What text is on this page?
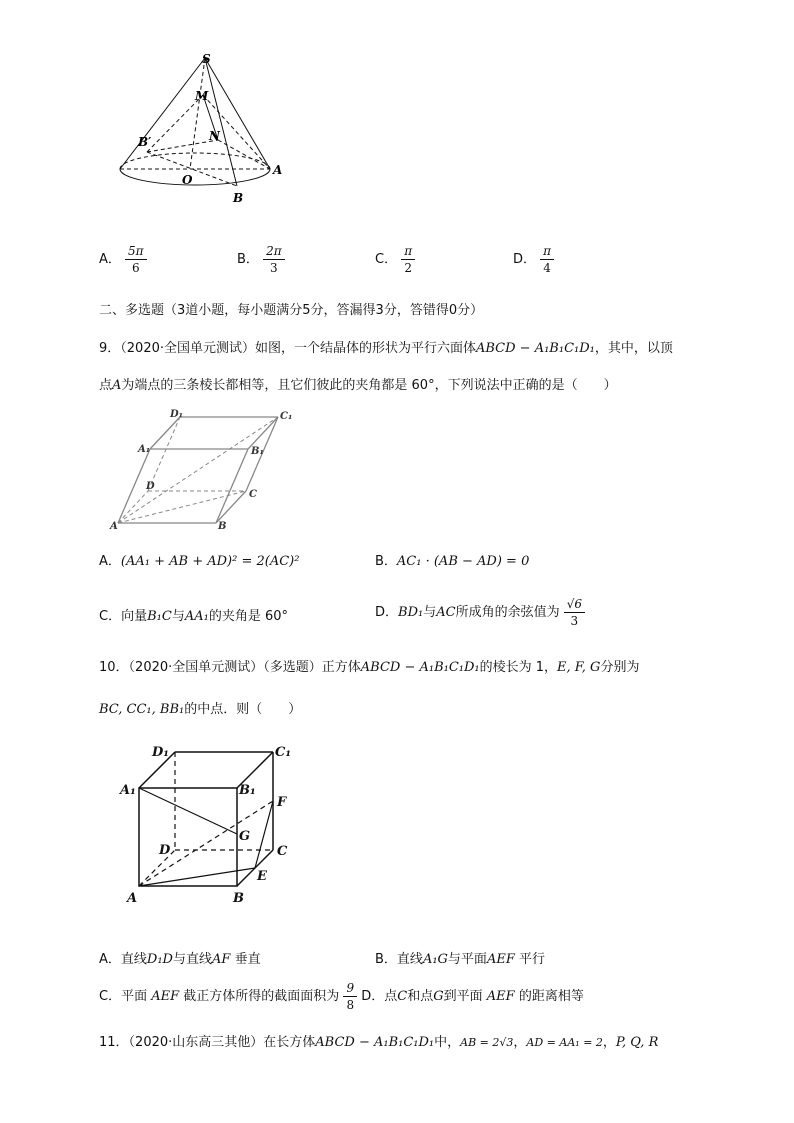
S
M
N
B′
O
A
B
A． $\frac{5\pi}{6}$	B． $\frac{2\pi}{3}$	C． $\frac{\pi}{2}$	D． $\frac{\pi}{4}$
二、多选题（3道小题，每小题满分5分，答漏得3分，答错得0分）
9．（2020·全国单元测试）如图，一个结晶体的形状为平行六面体ABCD − A₁B₁C₁D₁，其中，以顶
点A为端点的三条棱长都相等，且它们彼此的夹角都是 60°，下列说法中正确的是（　　）
D₁	C₁
A₁	B₁
D
C
A	B
A．(AA₁ + AB + AD)² = 2(AC)²	B．AC₁ · (AB − AD) = 0
C．向量B₁C与AA₁的夹角是 60°	D．BD₁与AC所成角的余弦值为 $\frac{√6}{3}$
10．（2020·全国单元测试）（多选题）正方体ABCD − A₁B₁C₁D₁的棱长为 1，E, F, G分别为
BC, CC₁, BB₁的中点．则（　　）
D₁	C₁
A₁	B₁
F
G
D	C
E
A	B
A．直线D₁D与直线AF 垂直	B．直线A₁G与平面AEF 平行
C．平面 AEF 截正方体所得的截面面积为 $\frac{9}{8}$ D．点C和点G到平面 AEF 的距离相等
11．（2020·山东高三其他）在长方体ABCD − A₁B₁C₁D₁中，AB = 2√3，AD = AA₁ = 2，P, Q, R
